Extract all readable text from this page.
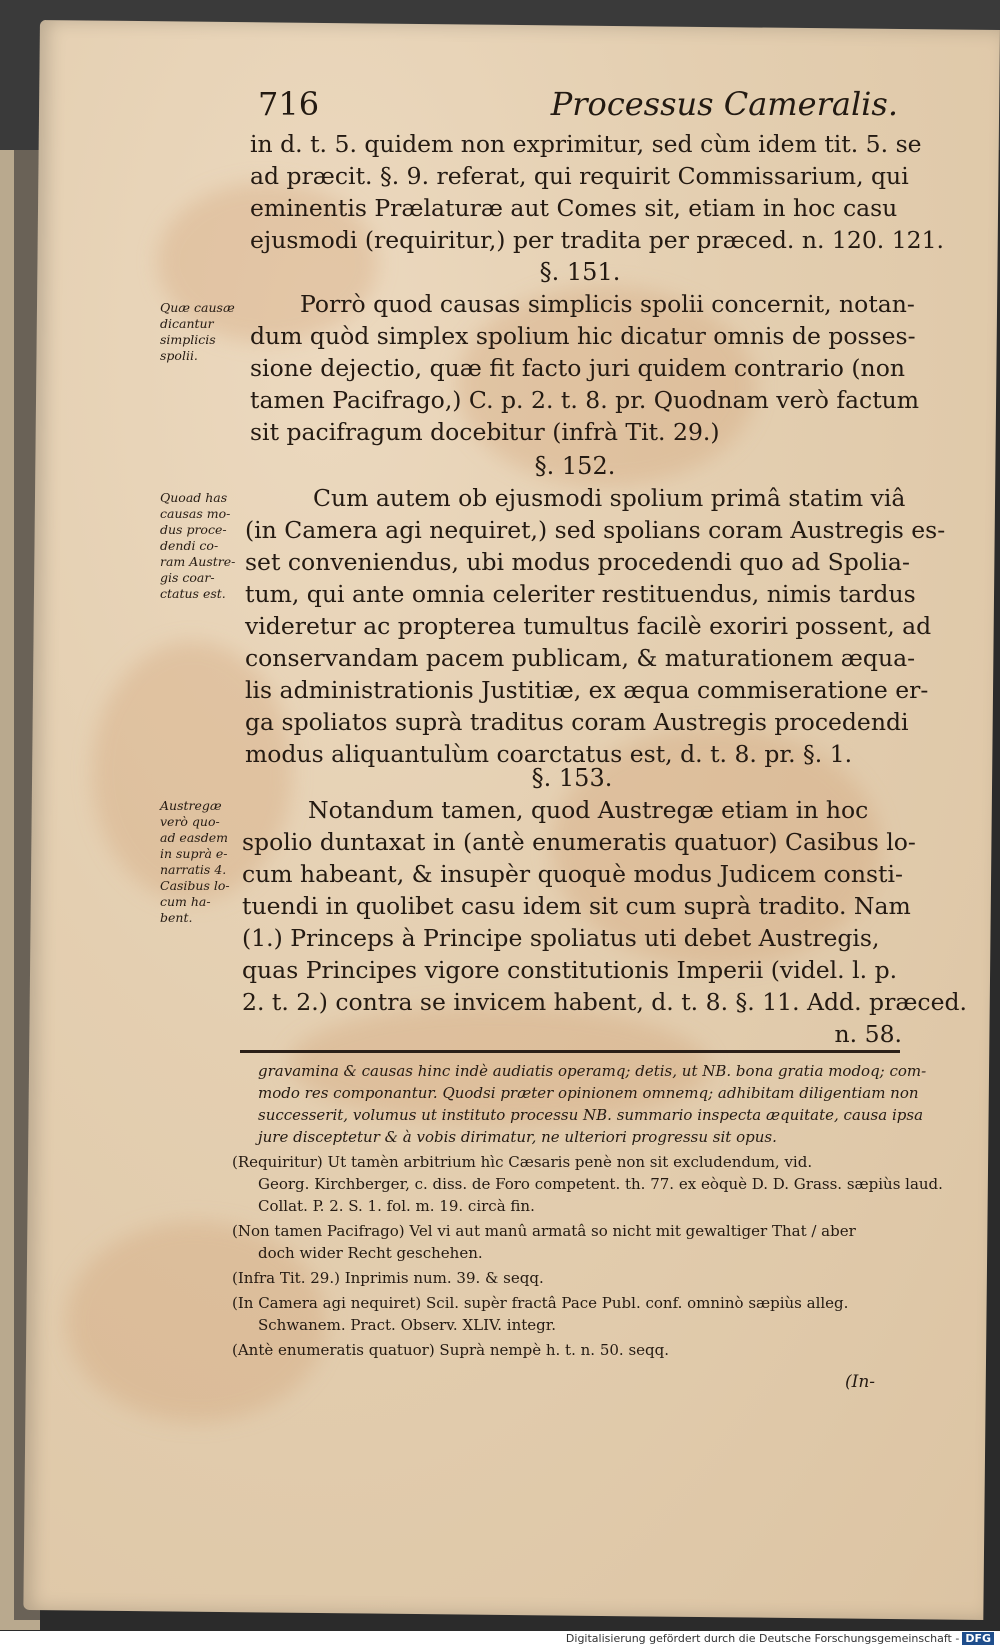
716	Processus Cameralis.

in d. t. 5. quidem non exprimitur, sed cùm idem tit. 5. se
ad præcit. §. 9. referat, qui requirit Commissarium, qui
eminentis Prælaturæ aut Comes sit, etiam in hoc casu
ejusmodi (requiritur,) per tradita per præced. n. 120. 121.

§. 151.

Porrò quod causas simplicis spolii concernit, notan-

dum quòd simplex spolium hic dicatur omnis de posses-
sione dejectio, quæ fit facto juri quidem contrario (non
tamen Pacifrago,) C. p. 2. t. 8. pr. Quodnam verò factum
sit pacifragum docebitur (infrà Tit. 29.)

Quæ causæ
dicantur
simplicis
spolii.
§. 152.

Cum autem ob ejusmodi spolium primâ statim viâ

(in Camera agi nequiret,) sed spolians coram Austregis es-
set conveniendus, ubi modus procedendi quo ad Spolia-
tum, qui ante omnia celeriter restituendus, nimis tardus
videretur ac propterea tumultus facilè exoriri possent, ad
conservandam pacem publicam, & maturationem æqua-
lis administrationis Justitiæ, ex æqua commiseratione er-
ga spoliatos suprà traditus coram Austregis procedendi
modus aliquantulùm coarctatus est, d. t. 8. pr. §. 1.

Quoad has
causas mo-
dus proce-
dendi co-
ram Austre-
gis coar-
ctatus est.
§. 153.

Notandum tamen, quod Austregæ etiam in hoc

spolio duntaxat in (antè enumeratis quatuor) Casibus lo-
cum habeant, & insupèr quoquè modus Judicem consti-
tuendi in quolibet casu idem sit cum suprà tradito. Nam
(1.) Princeps à Principe spoliatus uti debet Austregis,
quas Principes vigore constitutionis Imperii (videl. l. p.
2. t. 2.) contra se invicem habent, d. t. 8. §. 11. Add. præced.
n. 58.

Austregæ
verò quo-
ad easdem
in suprà e-
narratis 4.
Casibus lo-
cum ha-
bent.
gravamina & causas hinc indè audiatis operamq; detis, ut NB. bona gratia modoq; com-
modo res componantur. Quodsi præter opinionem omnemq; adhibitam diligentiam non
successerit, volumus ut instituto processu NB. summario inspecta æquitate, causa ipsa
jure disceptetur & à vobis dirimatur, ne ulteriori progressu sit opus.
(Requiritur) Ut tamèn arbitrium hìc Cæsaris penè non sit excludendum, vid.
Georg. Kirchberger, c. diss. de Foro competent. th. 77. ex eòquè D. D. Grass. sæpiùs laud.
Collat. P. 2. S. 1. fol. m. 19. circà fin.
(Non tamen Pacifrago) Vel vi aut manû armatâ so nicht mit gewaltiger That / aber
doch wider Recht geschehen.
(Infra Tit. 29.) Inprimis num. 39. & seqq.
(In Camera agi nequiret) Scil. supèr fractâ Pace Publ. conf. omninò sæpiùs alleg.
Schwanem. Pract. Observ. XLIV. integr.
(Antè enumeratis quatuor) Suprà nempè h. t. n. 50. seqq.
(In-
Digitalisierung gefördert durch die Deutsche Forschungsgemeinschaft - DFG
